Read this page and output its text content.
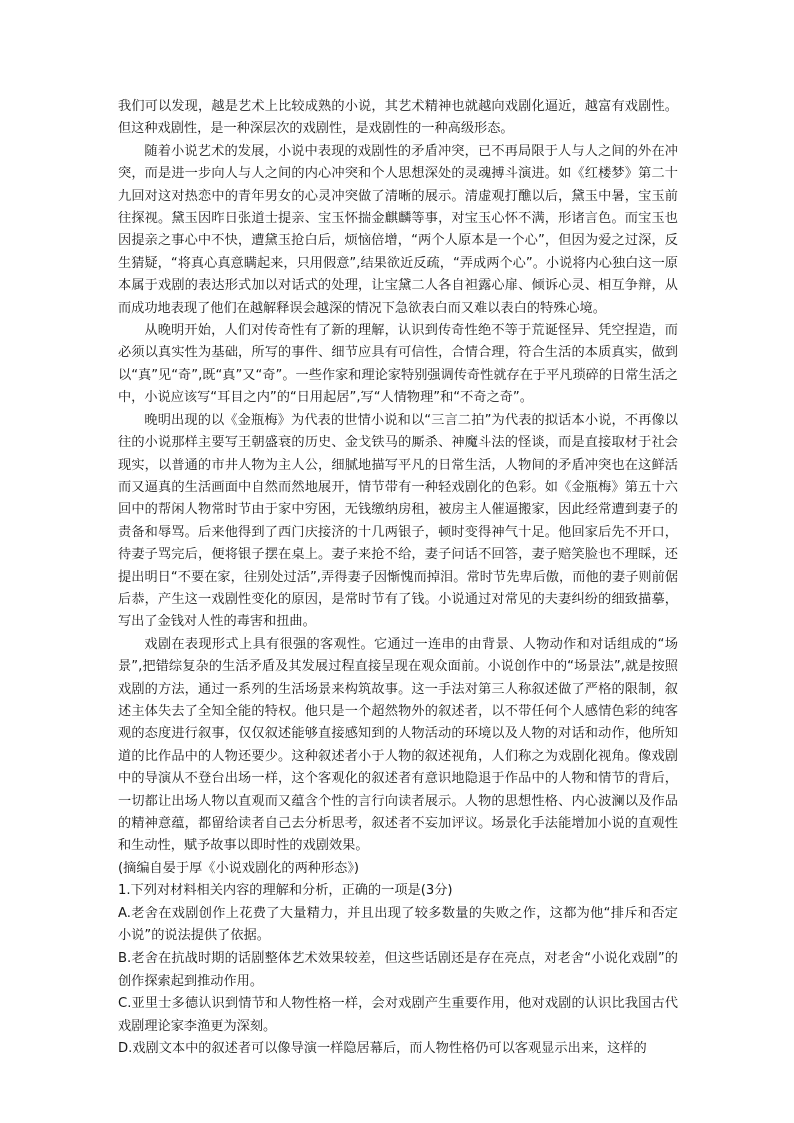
我们可以发现，越是艺术上比较成熟的小说，其艺术精神也就越向戏剧化逼近，越富有戏剧性。但这种戏剧性，是一种深层次的戏剧性，是戏剧性的一种高级形态。

随着小说艺术的发展，小说中表现的戏剧性的矛盾冲突，已不再局限于人与人之间的外在冲突，而是进一步向人与人之间的内心冲突和个人思想深处的灵魂搏斗演进。如《红楼梦》第二十九回对这对热恋中的青年男女的心灵冲突做了清晰的展示。清虚观打醮以后，黛玉中暑，宝玉前往探视。黛玉因昨日张道士提亲、宝玉怀揣金麒麟等事，对宝玉心怀不满，形诸言色。而宝玉也因提亲之事心中不快，遭黛玉抢白后，烦恼倍增，“两个人原本是一个心”，但因为爱之过深，反生猜疑，“将真心真意瞒起来，只用假意”,结果欲近反疏，“弄成两个心”。小说将内心独白这一原本属于戏剧的表达形式加以对话式的处理，让宝黛二人各自袒露心扉、倾诉心灵、相互争辩，从而成功地表现了他们在越解释误会越深的情况下急欲表白而又难以表白的特殊心境。

从晚明开始，人们对传奇性有了新的理解，认识到传奇性绝不等于荒诞怪异、凭空捏造，而必须以真实性为基础，所写的事件、细节应具有可信性，合情合理，符合生活的本质真实，做到以“真”见“奇”,既“真”又“奇”。一些作家和理论家特别强调传奇性就存在于平凡琐碎的日常生活之中，小说应该写“耳目之内”的“日用起居”,写“人情物理”和“不奇之奇”。

晚明出现的以《金瓶梅》为代表的世情小说和以“三言二拍”为代表的拟话本小说，不再像以往的小说那样主要写王朝盛衰的历史、金戈铁马的厮杀、神魔斗法的怪谈，而是直接取材于社会现实，以普通的市井人物为主人公，细腻地描写平凡的日常生活，人物间的矛盾冲突也在这鲜活而又逼真的生活画面中自然而然地展开，情节带有一种轻戏剧化的色彩。如《金瓶梅》第五十六回中的帮闲人物常时节由于家中穷困，无钱缴纳房租，被房主人催逼搬家，因此经常遭到妻子的责备和辱骂。后来他得到了西门庆接济的十几两银子，顿时变得神气十足。他回家后先不开口，待妻子骂完后，便将银子摆在桌上。妻子来抢不给，妻子问话不回答，妻子赔笑脸也不理睬，还提出明日“不要在家，往别处过活”,弄得妻子因惭愧而掉泪。常时节先卑后傲，而他的妻子则前倨后恭，产生这一戏剧性变化的原因，是常时节有了钱。小说通过对常见的夫妻纠纷的细致描摹，写出了金钱对人性的毒害和扭曲。

戏剧在表现形式上具有很强的客观性。它通过一连串的由背景、人物动作和对话组成的“场景”,把错综复杂的生活矛盾及其发展过程直接呈现在观众面前。小说创作中的“场景法”,就是按照戏剧的方法，通过一系列的生活场景来构筑故事。这一手法对第三人称叙述做了严格的限制，叙述主体失去了全知全能的特权。他只是一个超然物外的叙述者，以不带任何个人感情色彩的纯客观的态度进行叙事，仅仅叙述能够直接感知到的人物活动的环境以及人物的对话和动作，他所知道的比作品中的人物还要少。这种叙述者小于人物的叙述视角，人们称之为戏剧化视角。像戏剧中的导演从不登台出场一样，这个客观化的叙述者有意识地隐退于作品中的人物和情节的背后，一切都让出场人物以直观而又蕴含个性的言行向读者展示。人物的思想性格、内心波澜以及作品的精神意蕴，都留给读者自己去分析思考，叙述者不妄加评议。场景化手法能增加小说的直观性和生动性，赋予故事以即时性的戏剧效果。

(摘编自晏于厚《小说戏剧化的两种形态》)

1.下列对材料相关内容的理解和分析，正确的一项是(3分)

A.老舍在戏剧创作上花费了大量精力，并且出现了较多数量的失败之作，这都为他“排斥和否定小说”的说法提供了依据。

B.老舍在抗战时期的话剧整体艺术效果较差，但这些话剧还是存在亮点，对老舍“小说化戏剧”的创作探索起到推动作用。

C.亚里士多德认识到情节和人物性格一样，会对戏剧产生重要作用，他对戏剧的认识比我国古代戏剧理论家李渔更为深刻。

D.戏剧文本中的叙述者可以像导演一样隐居幕后，而人物性格仍可以客观显示出来，这样的
